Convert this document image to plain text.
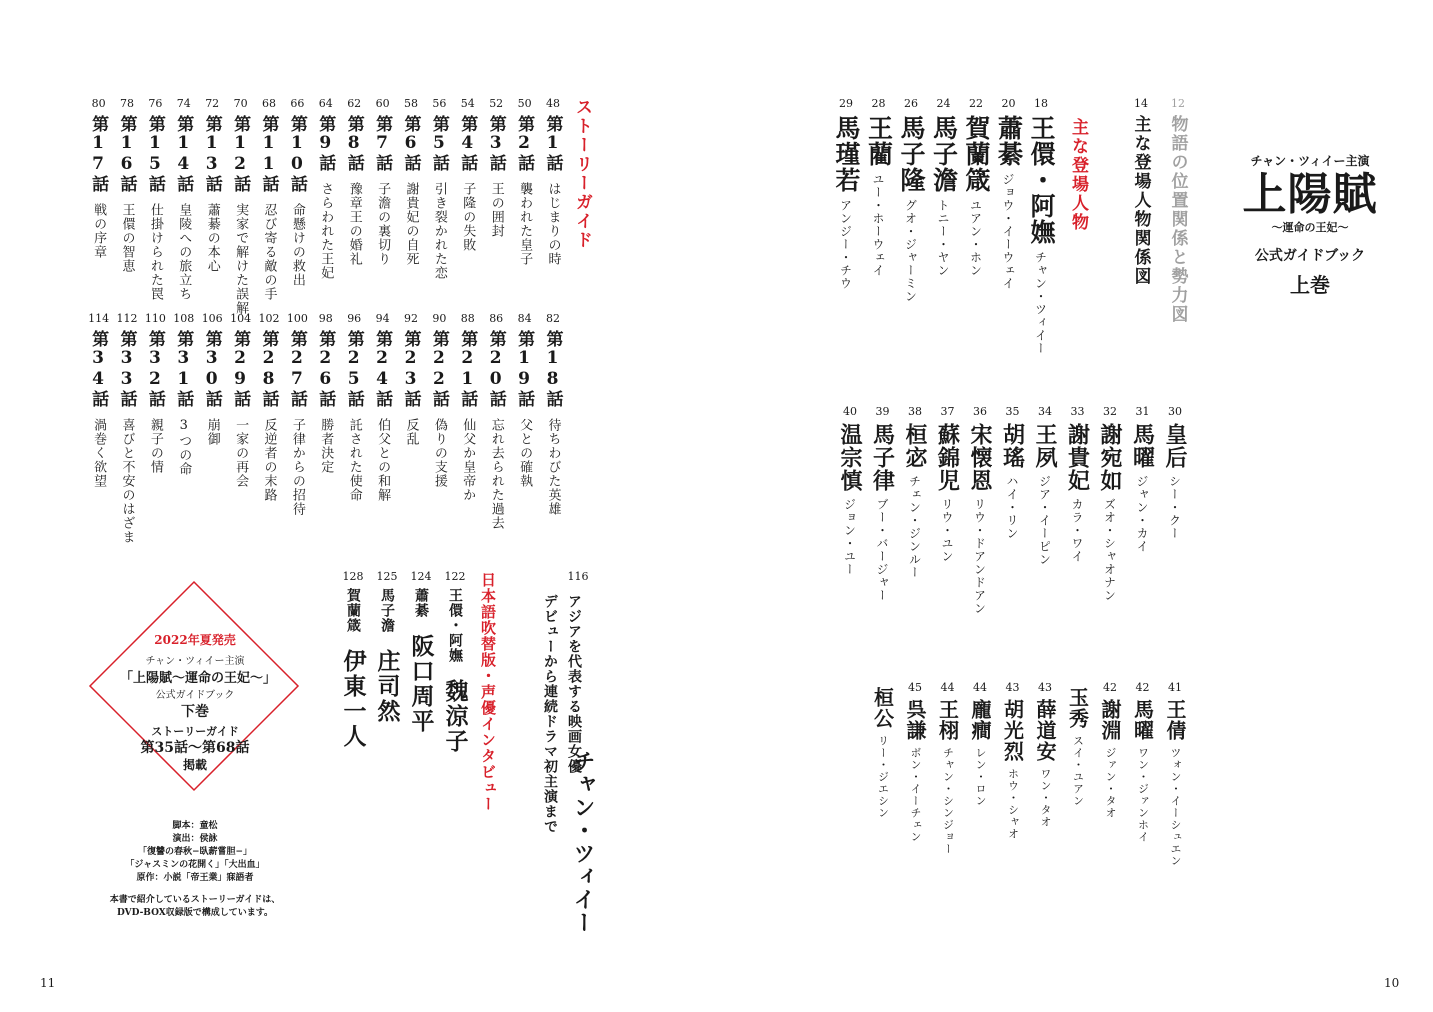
チャン・ツィイー主演
上陽賦
〜運命の王妃〜
公式ガイドブック
上巻
12
物語の位置関係と勢力図
14
主な登場人物関係図
主な登場人物
18
王儇・阿嫵
チャン・ツィイー
20
蕭綦
ジョウ・イーウェイ
22
賀蘭箴
ユアン・ホン
24
馬子澹
トニー・ヤン
26
馬子隆
グオ・ジャーミン
28
王藺
ユー・ホーウェイ
29
馬瑾若
アンジー・チウ
30
皇后
シー・クー
31
馬曜
ジャン・カイ
32
謝宛如
ズオ・シャオナン
33
謝貴妃
カラ・ワイ
34
王夙
ジア・イーピン
35
胡瑤
ハイ・リン
36
宋懐恩
リウ・ドアンドアン
37
蘇錦児
リウ・ユン
38
桓宓
チェン・ジンルー
39
馬子律
ブー・バージャー
40
温宗慎
ジョン・ユー
41
王倩
ツォン・イーシュエン
42
馬曜
ワン・ジァンホイ
42
謝淵
ジァン・タオ
玉秀
スイ・ユアン
43
薛道安
ワン・タオ
43
胡光烈
ホウ・シャオ
44
龐癎
レン・ロン
44
王栩
チャン・シンジョー
45
呉謙
ボン・イーチェン
桓公
リー・ジエシン
ストーリーガイド
48
第1話
はじまりの時
50
第2話
襲われた皇子
52
第3話
王の囲封
54
第4話
子隆の失敗
56
第5話
引き裂かれた恋
58
第6話
謝貴妃の自死
60
第7話
子澹の裏切り
62
第8話
豫章王の婚礼
64
第9話
さらわれた王妃
66
第10話
命懸けの救出
68
第11話
忍び寄る敵の手
70
第12話
実家で解けた誤解
72
第13話
蕭綦の本心
74
第14話
皇陵への旅立ち
76
第15話
仕掛けられた罠
78
第16話
王儇の智恵
80
第17話
戦の序章
82
第18話
待ちわびた英雄
84
第19話
父との確執
86
第20話
忘れ去られた過去
88
第21話
仙父か皇帝か
90
第22話
偽りの支援
92
第23話
反乱
94
第24話
伯父との和解
96
第25話
託された使命
98
第26話
勝者決定
100
第27話
子律からの招待
102
第28話
反逆者の末路
104
第29話
一家の再会
106
第30話
崩御
108
第31話
3つの命
110
第32話
親子の情
112
第33話
喜びと不安のはざま
114
第34話
渦巻く欲望
116
アジアを代表する映画女優
デビューから連続ドラマ初主演まで
チャン・ツィイー
日本語吹替版・声優インタビュー
122
王儇・阿嫵
魏涼子
124
蕭綦
阪口周平
125
馬子澹
庄司然
128
賀蘭箴
伊東一人
2022年夏発売
チャン・ツィイー主演
「上陽賦〜運命の王妃〜」
公式ガイドブック
下巻
ストーリーガイド
第35話〜第68話
掲載
脚本：童松
演出：侯詠
「復讐の春秋−臥薪嘗胆−」
「ジャスミンの花開く」「大出血」
原作：小説「帝王業」寐語者
本書で紹介しているストーリーガイドは、
DVD-BOX収録版で構成しています。
11	10
